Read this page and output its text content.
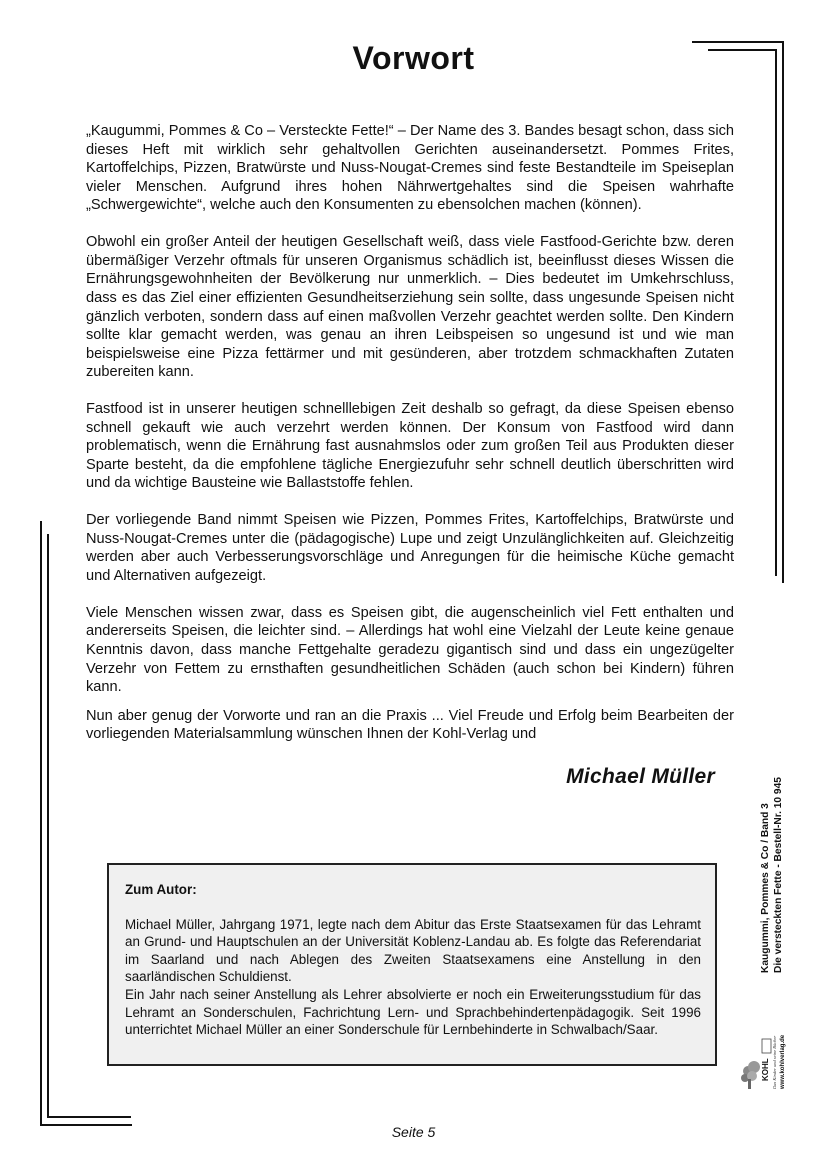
Vorwort

„Kaugummi, Pommes & Co – Versteckte Fette!“ – Der Name des 3. Bandes besagt schon, dass sich dieses Heft mit wirklich sehr gehaltvollen Gerichten auseinandersetzt. Pommes Frites, Kartoffelchips, Pizzen, Bratwürste und Nuss-Nougat-Cremes sind feste Bestandteile im Speiseplan vieler Menschen. Aufgrund ihres hohen Nährwertgehaltes sind die Speisen wahrhafte „Schwergewichte“, welche auch den Konsumenten zu ebensolchen machen (können).

Obwohl ein großer Anteil der heutigen Gesellschaft weiß, dass viele Fastfood-Gerichte bzw. deren übermäßiger Verzehr oftmals für unseren Organismus schädlich ist, beeinflusst dieses Wissen die Ernährungsgewohnheiten der Bevölkerung nur unmerklich. – Dies bedeutet im Umkehrschluss, dass es das Ziel einer effizienten Gesundheitserziehung sein sollte, dass ungesunde Speisen nicht gänzlich verboten, sondern dass auf einen maßvollen Verzehr geachtet werden sollte. Den Kindern sollte klar gemacht werden, was genau an ihren Leibspeisen so ungesund ist und wie man beispielsweise eine Pizza fettärmer und mit gesünderen, aber trotzdem schmackhaften Zutaten zubereiten kann.

Fastfood ist in unserer heutigen schnelllebigen Zeit deshalb so gefragt, da diese Speisen ebenso schnell gekauft wie auch verzehrt werden können. Der Konsum von Fastfood wird dann problematisch, wenn die Ernährung fast ausnahmslos oder zum großen Teil aus Produkten dieser Sparte besteht, da die empfohlene tägliche Energiezufuhr sehr schnell deutlich überschritten wird und da wichtige Bausteine wie Ballaststoffe fehlen.

Der vorliegende Band nimmt Speisen wie Pizzen, Pommes Frites, Kartoffelchips, Bratwürste und Nuss-Nougat-Cremes unter die (pädagogische) Lupe und zeigt Unzulänglichkeiten auf. Gleichzeitig werden aber auch Verbesserungsvorschläge und Anregungen für die heimische Küche gemacht und Alternativen aufgezeigt.

Viele Menschen wissen zwar, dass es Speisen gibt, die augenscheinlich viel Fett enthalten und andererseits Speisen, die leichter sind. – Allerdings hat wohl eine Vielzahl der Leute keine genaue Kenntnis davon, dass manche Fettgehalte geradezu gigantisch sind und dass ein ungezügelter Verzehr von Fettem zu ernsthaften gesundheitlichen Schäden (auch schon bei Kindern) führen kann.

Nun aber genug der Vorworte und ran an die Praxis ... Viel Freude und Erfolg beim Bearbeiten der vorliegenden Materialsammlung wünschen Ihnen der Kohl-Verlag und

Michael Müller
Zum Autor:
Michael Müller, Jahrgang 1971, legte nach dem Abitur das Erste Staatsexamen für das Lehramt an Grund- und Hauptschulen an der Universität Koblenz-Landau ab. Es folgte das Referendariat im Saarland und nach Ablegen des Zweiten Staatsexamens eine Anstellung in den saarländischen Schuldienst.
Ein Jahr nach seiner Anstellung als Lehrer absolvierte er noch ein Erweiterungsstudium für das Lehramt an Sonderschulen, Fachrichtung Lern- und Sprachbehindertenpädagogik. Seit 1996 unterrichtet Michael Müller an einer Sonderschule für Lernbehinderte in Schwalbach/Saar.
Kaugummi, Pommes & Co / Band 3 Die versteckten Fette - Bestell-Nr. 10 945
KOHL Das Kinder und seine Bücher www.kohlverlag.de
Seite 5
